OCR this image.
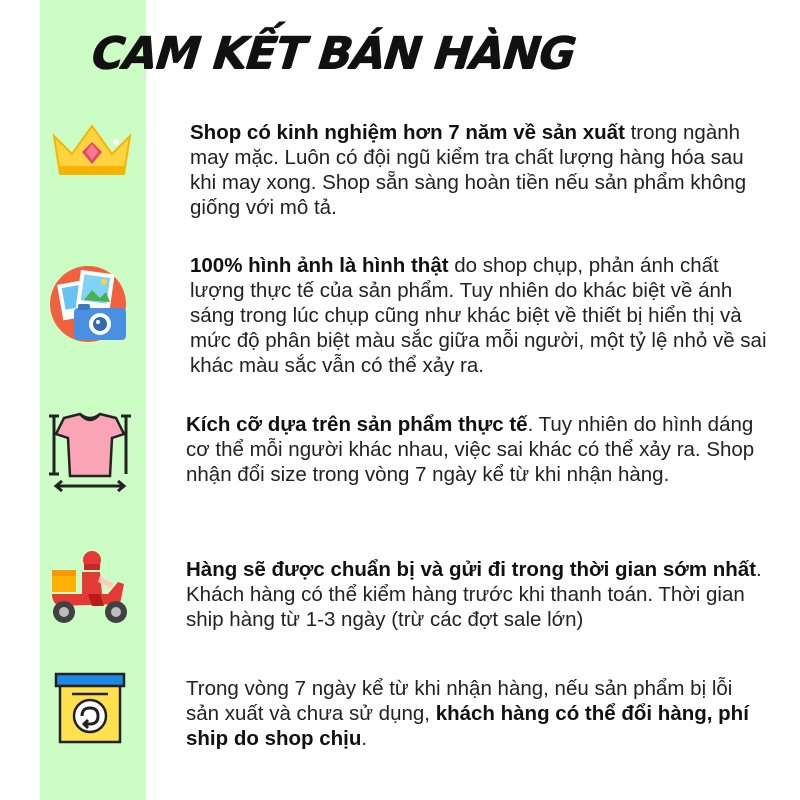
CAM KẾT BÁN HÀNG

Shop có kinh nghiệm hơn 7 năm về sản xuất trong ngành may mặc. Luôn có đội ngũ kiểm tra chất lượng hàng hóa sau khi may xong. Shop sẵn sàng hoàn tiền nếu sản phẩm không giống với mô tả.

100% hình ảnh là hình thật do shop chụp, phản ánh chất lượng thực tế của sản phẩm. Tuy nhiên do khác biệt về ánh sáng trong lúc chụp cũng như khác biệt về thiết bị hiển thị và mức độ phân biệt màu sắc giữa mỗi người, một tỷ lệ nhỏ về sai khác màu sắc vẫn có thể xảy ra.

Kích cỡ dựa trên sản phẩm thực tế. Tuy nhiên do hình dáng cơ thể mỗi người khác nhau, việc sai khác có thể xảy ra. Shop nhận đổi size trong vòng 7 ngày kể từ khi nhận hàng.

Hàng sẽ được chuẩn bị và gửi đi trong thời gian sớm nhất. Khách hàng có thể kiểm hàng trước khi thanh toán. Thời gian ship hàng từ 1-3 ngày (trừ các đợt sale lớn)

Trong vòng 7 ngày kể từ khi nhận hàng, nếu sản phẩm bị lỗi sản xuất và chưa sử dụng, khách hàng có thể đổi hàng, phí ship do shop chịu.
